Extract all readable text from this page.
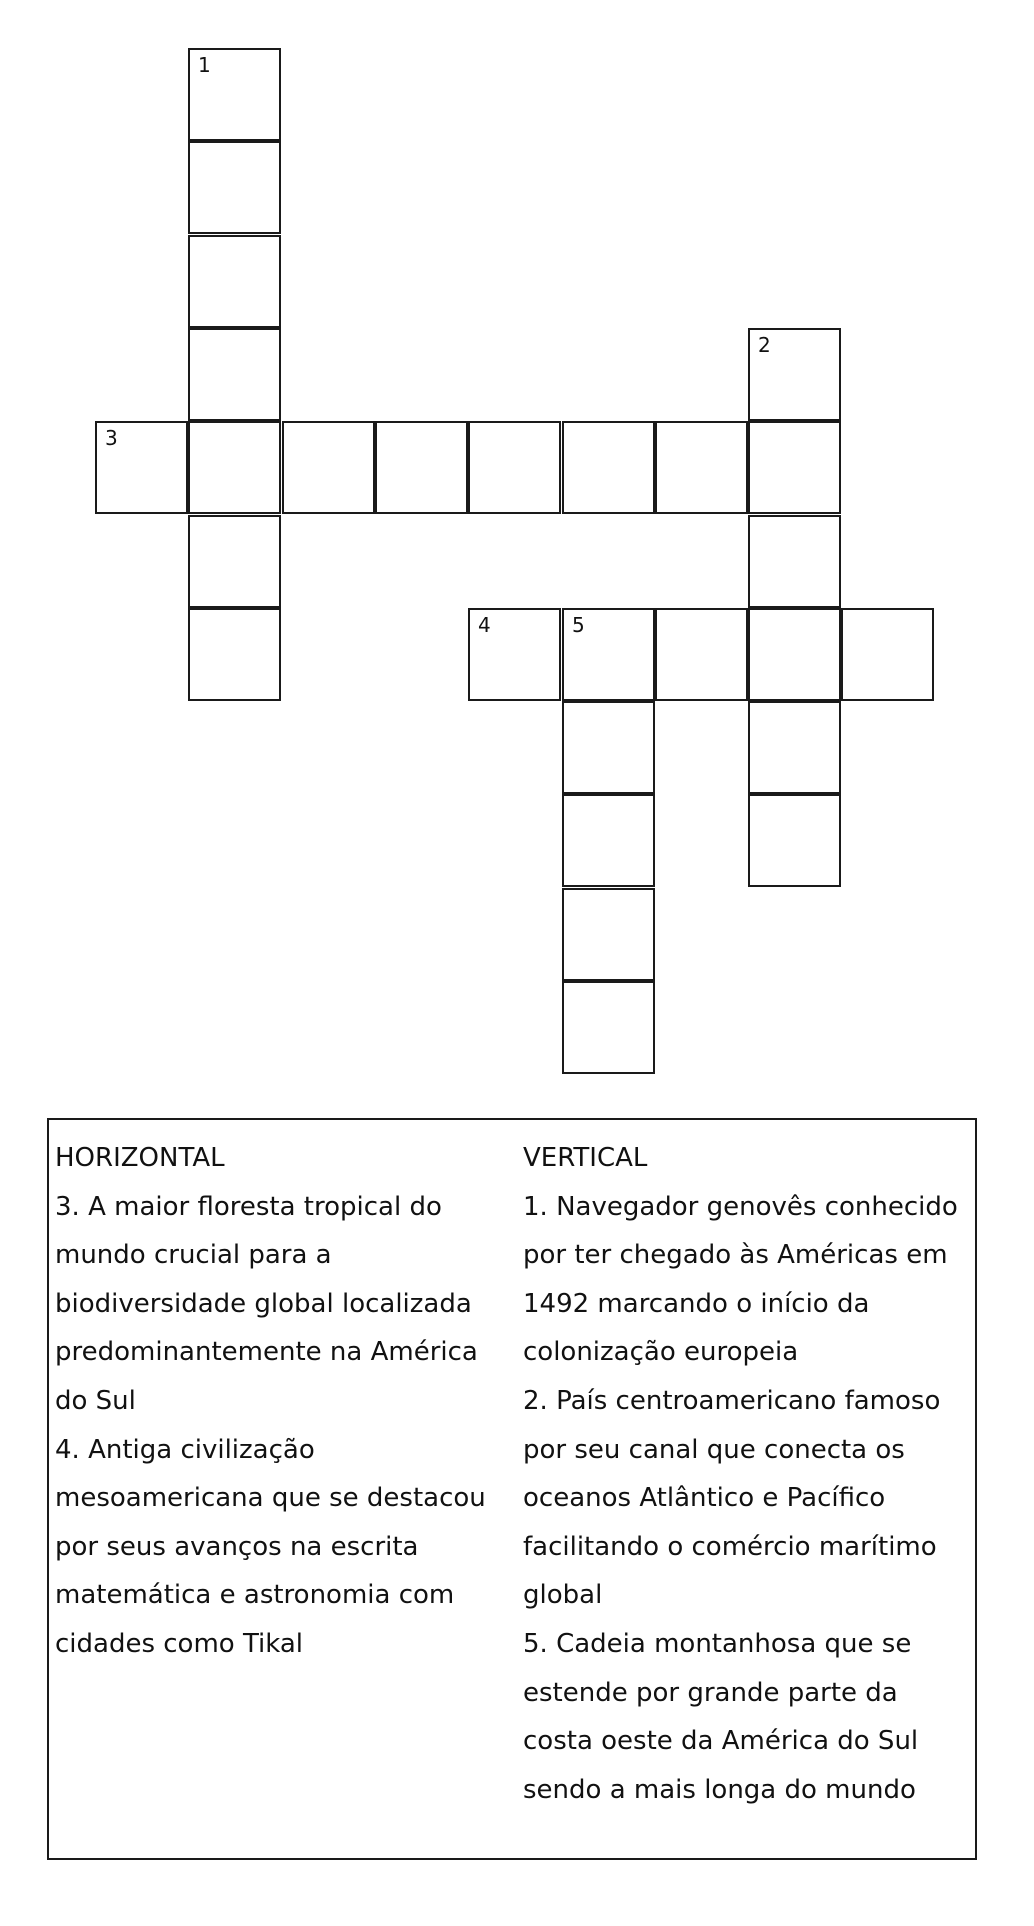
1
2
3
4	5
HORIZONTAL
3. A maior floresta tropical do mundo crucial para a biodiversidade global localizada predominantemente na América do Sul
4. Antiga civilização mesoamericana que se destacou por seus avanços na escrita matemática e astronomia com cidades como Tikal
VERTICAL
1. Navegador genovês conhecido por ter chegado às Américas em 1492 marcando o início da colonização europeia
2. País centroamericano famoso por seu canal que conecta os oceanos Atlântico e Pacífico facilitando o comércio marítimo global
5. Cadeia montanhosa que se estende por grande parte da costa oeste da América do Sul sendo a mais longa do mundo
